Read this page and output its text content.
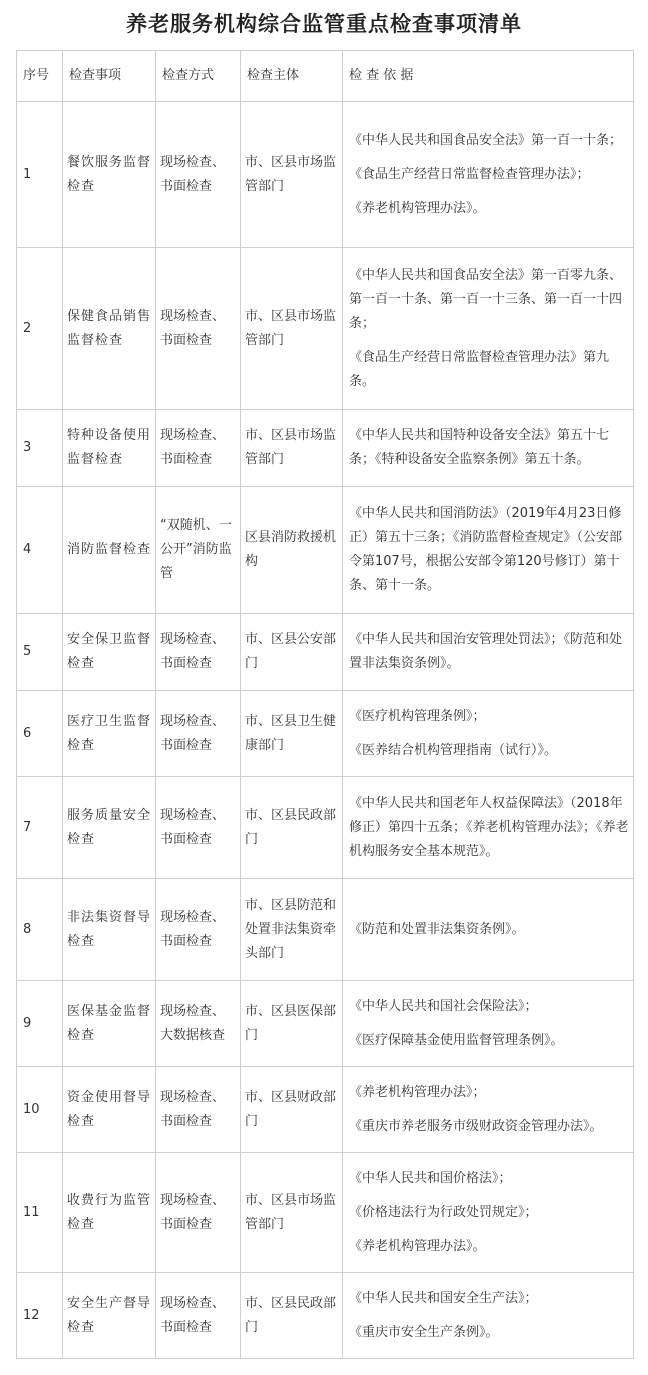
养老服务机构综合监管重点检查事项清单
序号	检查事项	检查方式	检查主体	检 查 依 据
1	餐饮服务监督检查	现场检查、书面检查	市、区县市场监管部门	《中华人民共和国食品安全法》第一百一十条；

《食品生产经营日常监督检查管理办法》；

《养老机构管理办法》。

2	保健食品销售监督检查	现场检查、书面检查	市、区县市场监管部门	《中华人民共和国食品安全法》第一百零九条、第一百一十条、第一百一十三条、第一百一十四条；

《食品生产经营日常监督检查管理办法》第九条。

3	特种设备使用监督检查	现场检查、书面检查	市、区县市场监管部门	《中华人民共和国特种设备安全法》第五十七条；《特种设备安全监察条例》第五十条。

4	消防监督检查	“双随机、一公开”消防监管	区县消防救援机构	《中华人民共和国消防法》（2019年4月23日修正）第五十三条；《消防监督检查规定》（公安部令第107号，根据公安部令第120号修订）第十条、第十一条。

5	安全保卫监督检查	现场检查、书面检查	市、区县公安部门	《中华人民共和国治安管理处罚法》；《防范和处置非法集资条例》。

6	医疗卫生监督检查	现场检查、书面检查	市、区县卫生健康部门	《医疗机构管理条例》；

《医养结合机构管理指南（试行）》。

7	服务质量安全检查	现场检查、书面检查	市、区县民政部门	《中华人民共和国老年人权益保障法》（2018年修正）第四十五条；《养老机构管理办法》；《养老机构服务安全基本规范》。

8	非法集资督导检查	现场检查、书面检查	市、区县防范和处置非法集资牵头部门	《防范和处置非法集资条例》。

9	医保基金监督检查	现场检查、大数据核查	市、区县医保部门	《中华人民共和国社会保险法》；

《医疗保障基金使用监督管理条例》。

10	资金使用督导检查	现场检查、书面检查	市、区县财政部门	《养老机构管理办法》；

《重庆市养老服务市级财政资金管理办法》。

11	收费行为监管检查	现场检查、书面检查	市、区县市场监管部门	《中华人民共和国价格法》；

《价格违法行为行政处罚规定》；

《养老机构管理办法》。

12	安全生产督导检查	现场检查、书面检查	市、区县民政部门	《中华人民共和国安全生产法》；

《重庆市安全生产条例》。
